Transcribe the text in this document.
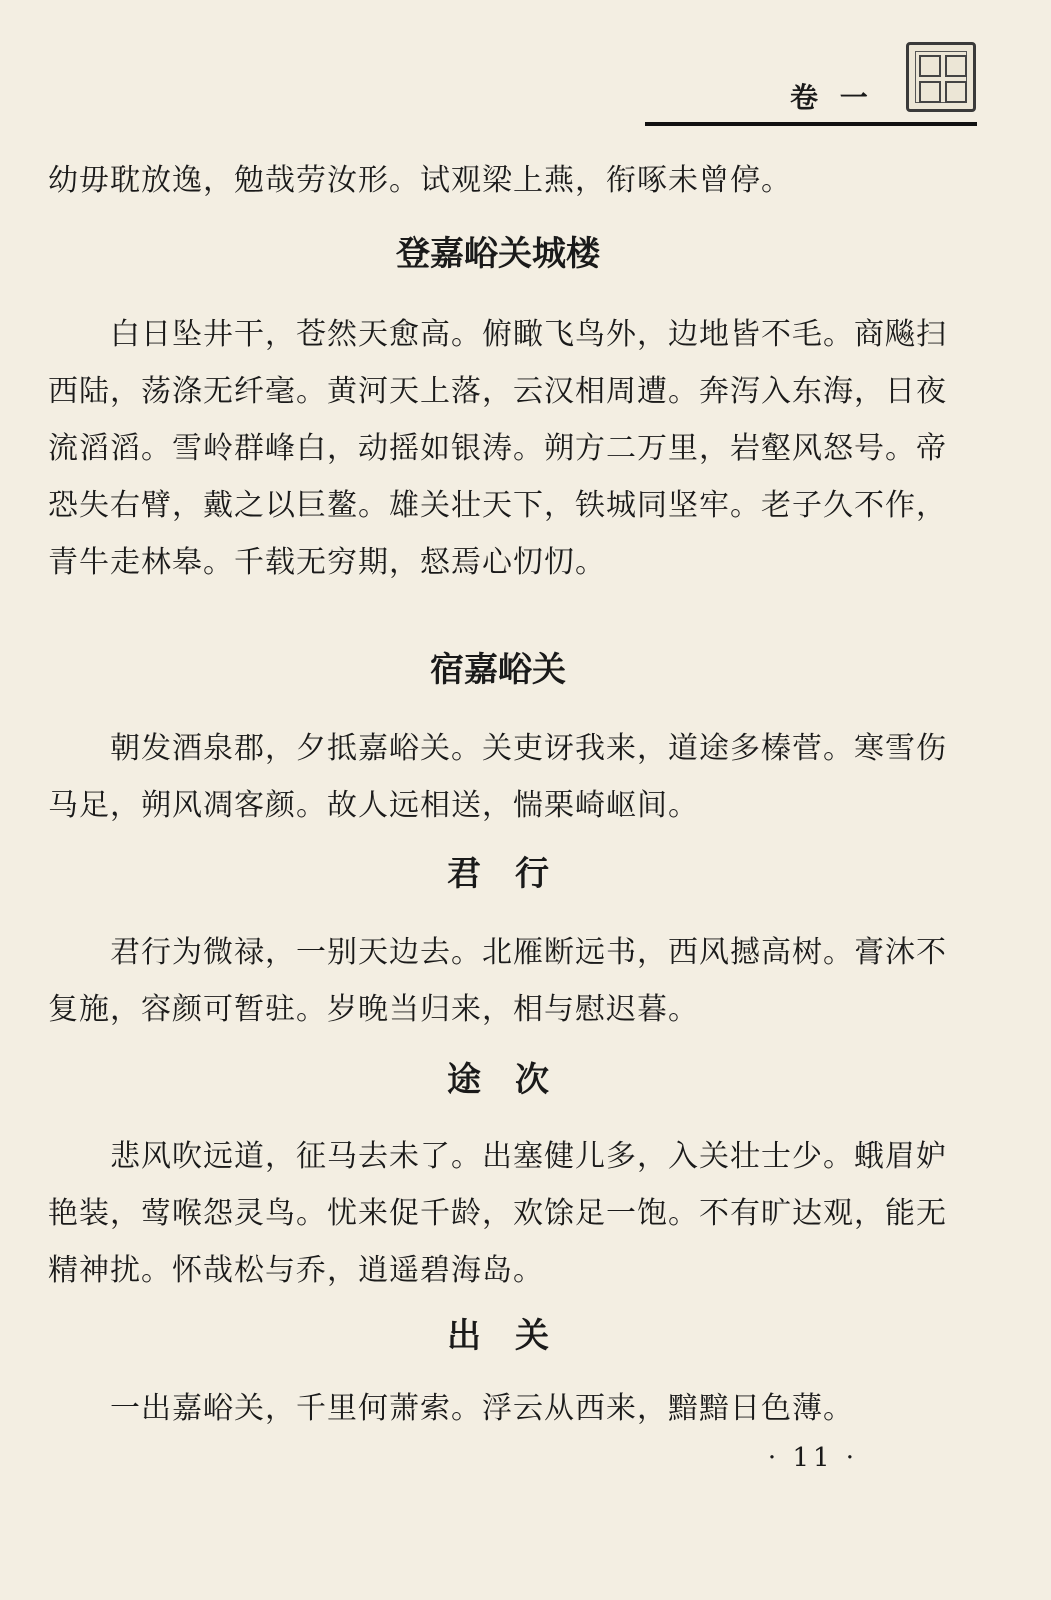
卷 一

幼毋耽放逸，勉哉劳汝形。试观梁上燕，衔啄未曾停。

登嘉峪关城楼

白日坠井干，苍然天愈高。俯瞰飞鸟外，边地皆不毛。商飚扫西陆，荡涤无纤毫。黄河天上落，云汉相周遭。奔泻入东海，日夜流滔滔。雪岭群峰白，动摇如银涛。朔方二万里，岩壑风怒号。帝恐失右臂，戴之以巨鳌。雄关壮天下，铁城同坚牢。老子久不作，青牛走林皋。千载无穷期，惄焉心忉忉。

宿嘉峪关

朝发酒泉郡，夕抵嘉峪关。关吏讶我来，道途多榛菅。寒雪伤马足，朔风凋客颜。故人远相送，惴栗崎岖间。

君　行

君行为微禄，一别天边去。北雁断远书，西风撼高树。膏沐不复施，容颜可暂驻。岁晚当归来，相与慰迟暮。

途　次

悲风吹远道，征马去未了。出塞健儿多，入关壮士少。蛾眉妒艳装，莺喉怨灵鸟。忧来促千龄，欢馀足一饱。不有旷达观，能无精神扰。怀哉松与乔，逍遥碧海岛。

出　关

一出嘉峪关，千里何萧索。浮云从西来，黯黯日色薄。

· 11 ·
